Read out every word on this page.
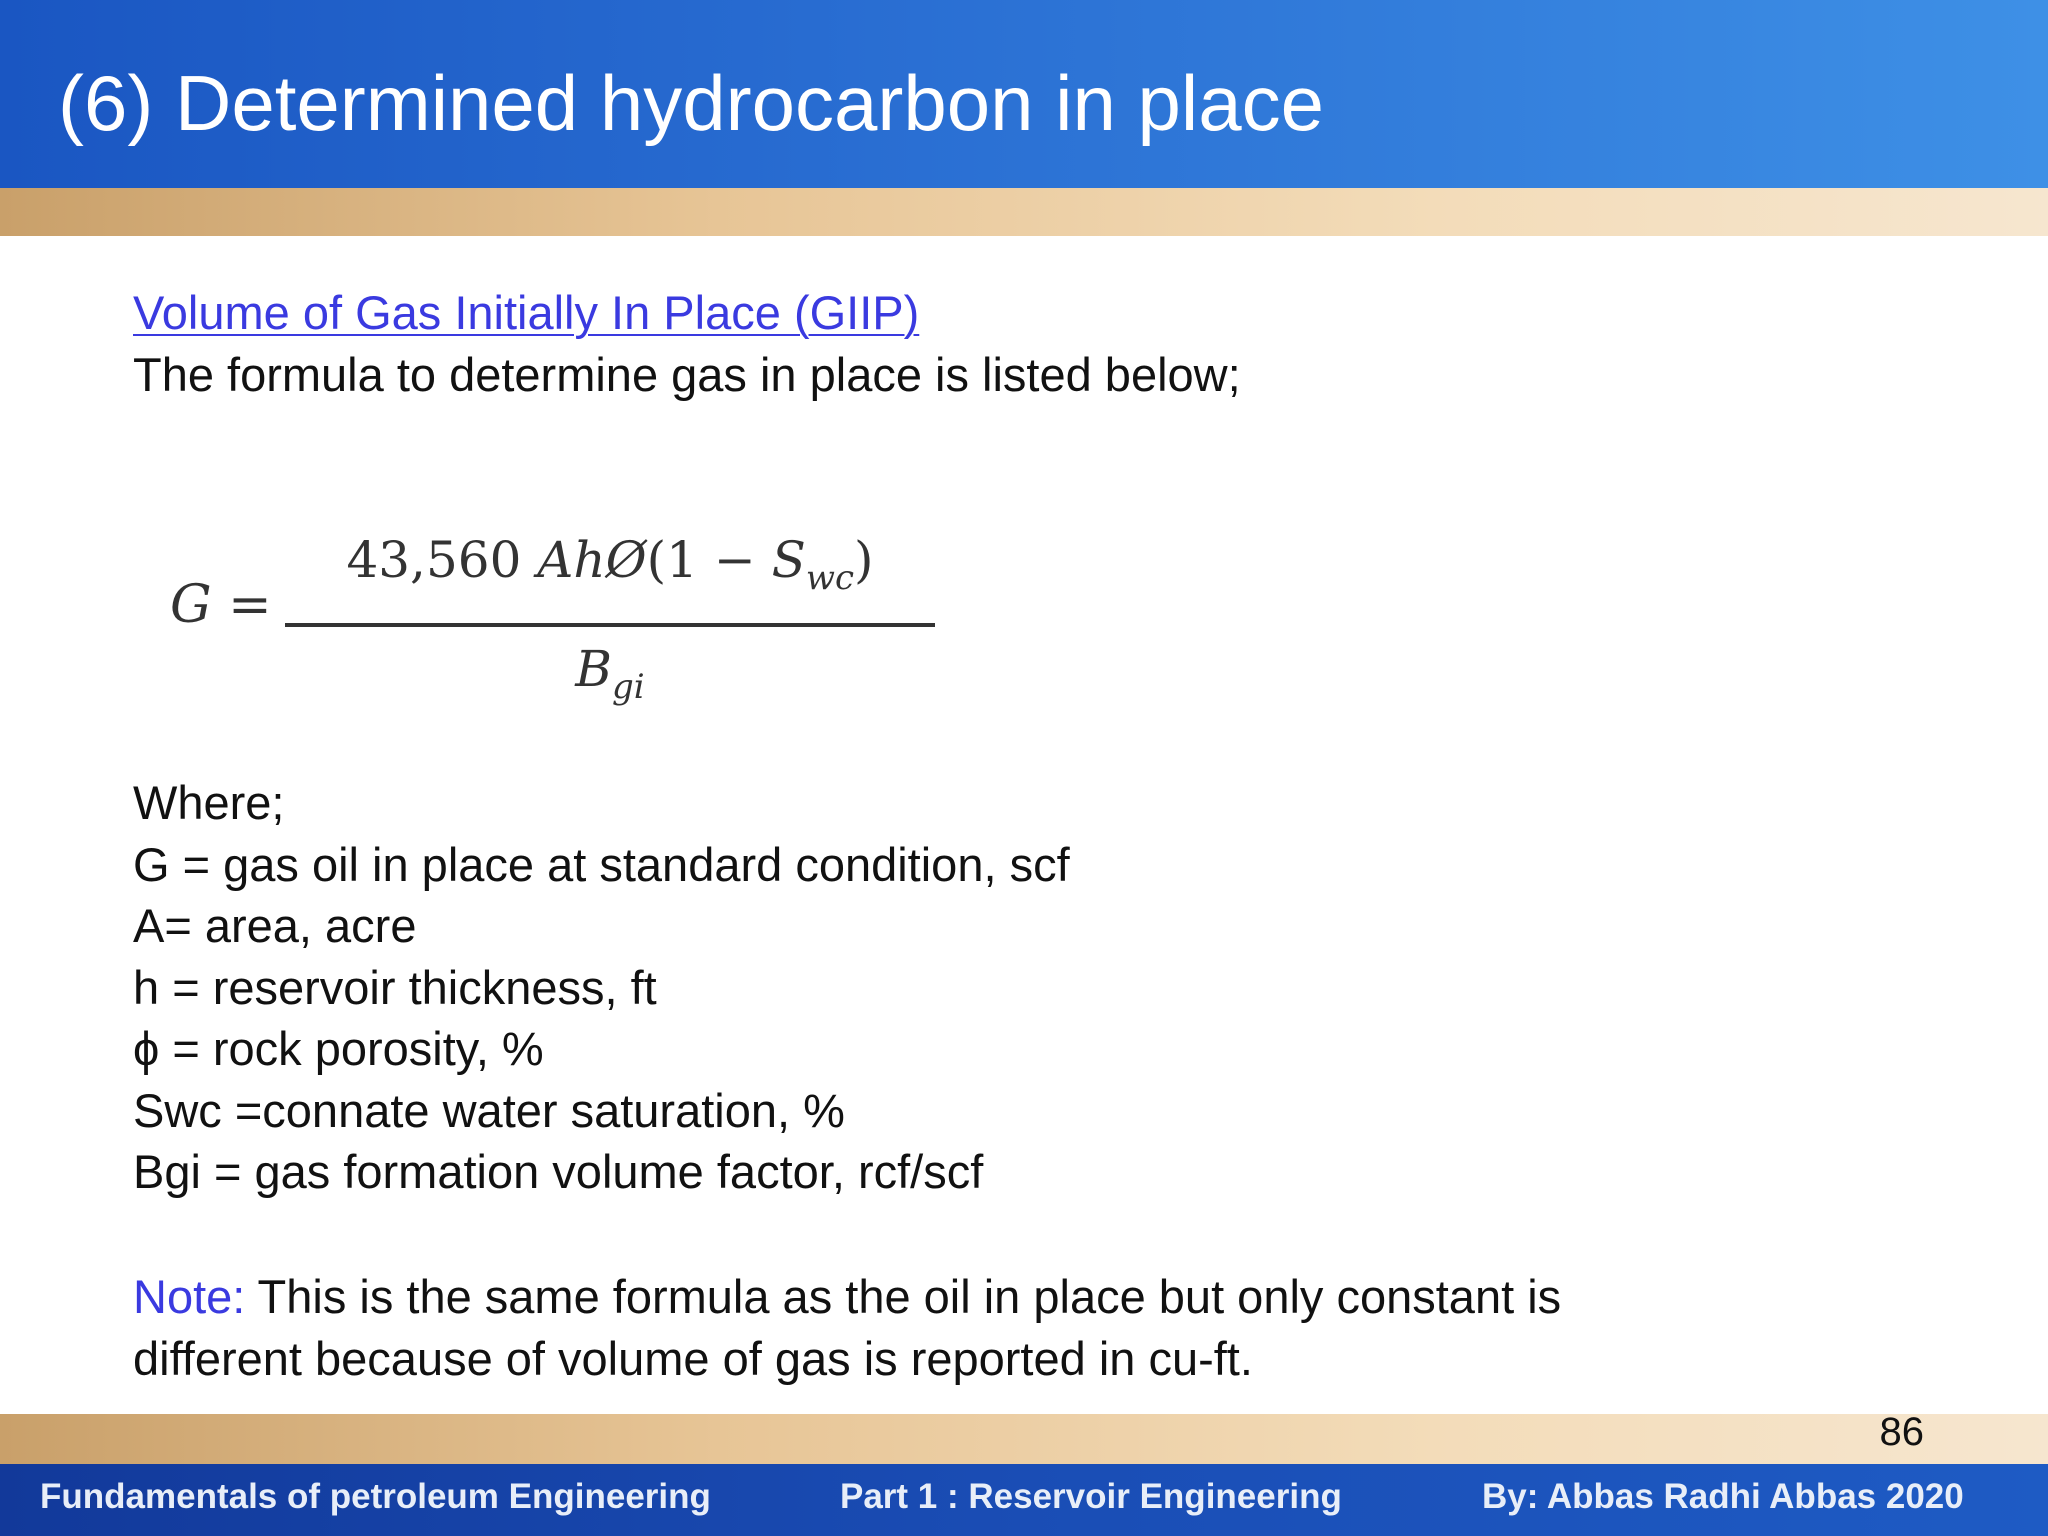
(6) Determined hydrocarbon in place
Volume of Gas Initially In Place (GIIP)
The formula to determine gas in place is listed below;
G =
43,560 AhØ(1 − $S_{wc}$)
$B_{gi}$
Where;
G = gas oil in place at standard condition, scf
A= area, acre
h = reservoir thickness, ft
ϕ = rock porosity, %
Swc =connate water saturation, %
Bgi = gas formation volume factor, rcf/scf
Note: This is the same formula as the oil in place but only constant is
different because of volume of gas is reported in cu-ft.
86
Fundamentals of petroleum Engineering	Part 1 : Reservoir Engineering	By: Abbas Radhi Abbas 2020
